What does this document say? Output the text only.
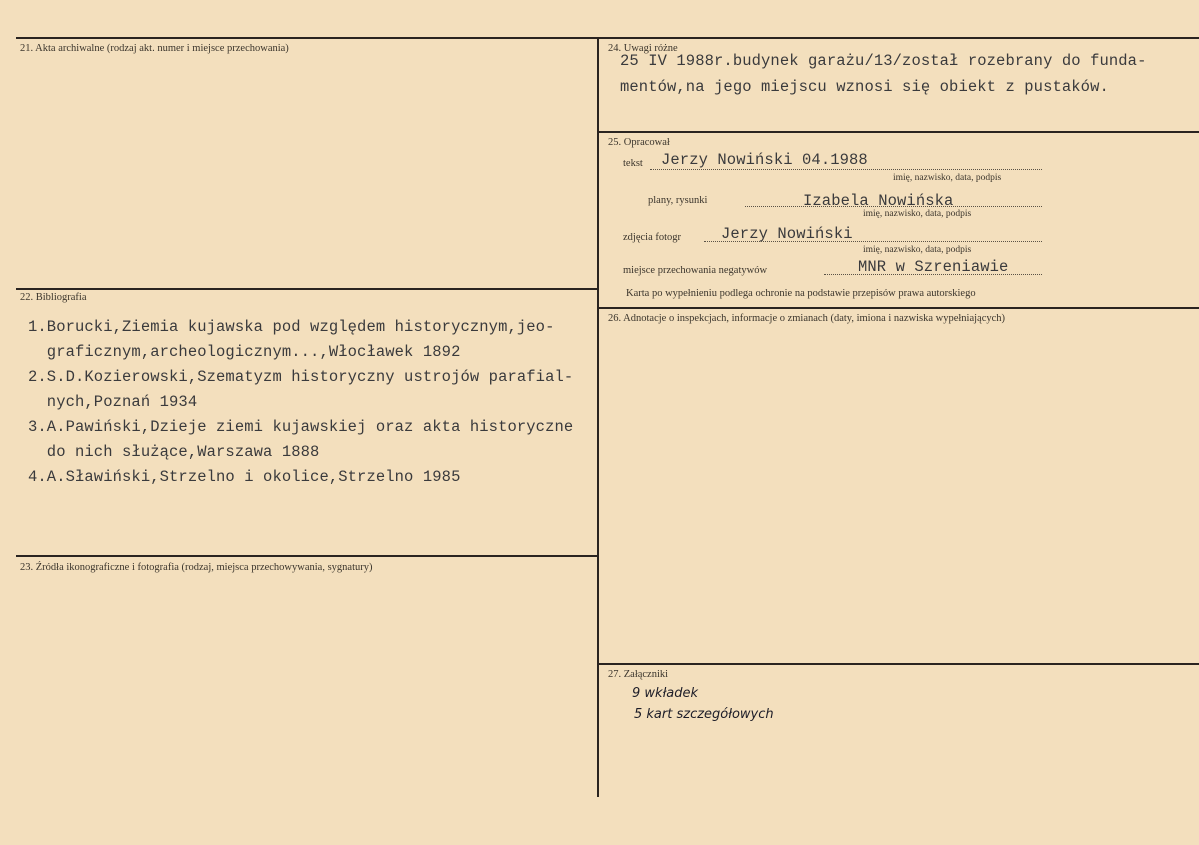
21. Akta archiwalne (rodzaj akt. numer i miejsce przechowania)
22. Bibliografia
1.Borucki,Ziemia kujawska pod względem historycznym,jeo-
graficznym,archeologicznym...,Włocławek 1892
2.S.D.Kozierowski,Szematyzm historyczny ustrojów parafial-
nych,Poznań 1934
3.A.Pawiński,Dzieje ziemi kujawskiej oraz akta historyczne
do nich służące,Warszawa 1888
4.A.Sławiński,Strzelno i okolice,Strzelno 1985
23. Źródła ikonograficzne i fotografia (rodzaj, miejsca przechowywania, sygnatury)
24. Uwagi różne
25 IV 1988r.budynek garażu/13/został rozebrany do funda-
mentów,na jego miejscu wznosi się obiekt z pustaków.
25. Opracował
tekst Jerzy Nowiński 04.1988
imię, nazwisko, data, podpis
plany, rysunki	Izabela Nowińska
imię, nazwisko, data, podpis
zdjęcia fotogr	Jerzy Nowiński
imię, nazwisko, data, podpis
miejsce przechowania negatywów	MNR w Szreniawie
Karta po wypełnieniu podlega ochronie na podstawie przepisów prawa autorskiego
26. Adnotacje o inspekcjach, informacje o zmianach (daty, imiona i nazwiska wypełniających)
27. Załączniki
9 wkładek
5 kart szczegółowych
